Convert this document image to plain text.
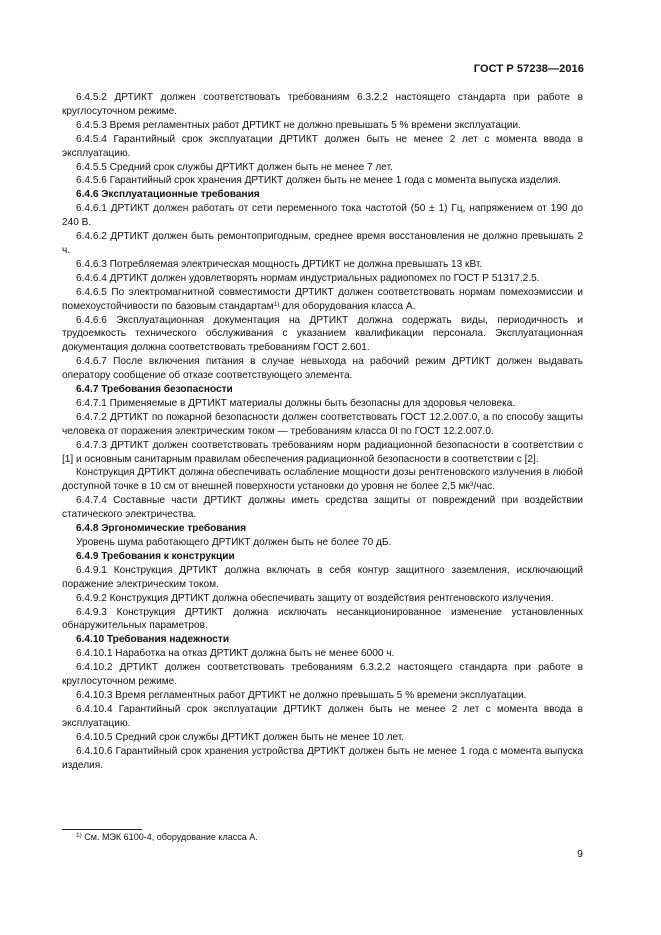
ГОСТ Р 57238—2016

6.4.5.2 ДРТИКТ должен соответствовать требованиям 6.3.2.2 настоящего стандарта при работе в круглосуточном режиме.

6.4.5.3 Время регламентных работ ДРТИКТ не должно превышать 5 % времени эксплуатации.

6.4.5.4 Гарантийный срок эксплуатации ДРТИКТ должен быть не менее 2 лет с момента ввода в эксплуатацию.

6.4.5.5 Средний срок службы ДРТИКТ должен быть не менее 7 лет.

6.4.5.6 Гарантийный срок хранения ДРТИКТ должен быть не менее 1 года с момента выпуска изделия.

6.4.6 Эксплуатационные требования

6.4.6.1 ДРТИКТ должен работать от сети переменного тока частотой (50 ± 1) Гц, напряжением от 190 до 240 В.

6.4.6.2 ДРТИКТ должен быть ремонтопригодным, среднее время восстановления не должно превышать 2 ч.

6.4.6.3 Потребляемая электрическая мощность ДРТИКТ не должна превышать 13 кВт.

6.4.6.4 ДРТИКТ должен удовлетворять нормам индустриальных радиопомех по ГОСТ Р 51317.2.5.

6.4.6.5 По электромагнитной совместимости ДРТИКТ должен соответствовать нормам помехоэмиссии и помехоустойчивости по базовым стандартам$^{1)}$ для оборудования класса А.

6.4.6.6 Эксплуатационная документация на ДРТИКТ должна содержать виды, периодичность и трудоемкость технического обслуживания с указанием квалификации персонала. Эксплуатационная документация должна соответствовать требованиям ГОСТ 2.601.

6.4.6.7 После включения питания в случае невыхода на рабочий режим ДРТИКТ должен выдавать оператору сообщение об отказе соответствующего элемента.

6.4.7 Требования безопасности

6.4.7.1 Применяемые в ДРТИКТ материалы должны быть безопасны для здоровья человека.

6.4.7.2 ДРТИКТ по пожарной безопасности должен соответствовать ГОСТ 12.2.007.0, а по способу защиты человека от поражения электрическим током — требованиям класса 0I по ГОСТ 12.2.007.0.

6.4.7.3 ДРТИКТ должен соответствовать требованиям норм радиационной безопасности в соответствии с [1] и основным санитарным правилам обеспечения радиационной безопасности в соответствии с [2].

Конструкция ДРТИКТ должна обеспечивать ослабление мощности дозы рентгеновского излучения в любой доступной точке в 10 см от внешней поверхности установки до уровня не более 2,5 $мк^3$/час.

6.4.7.4 Составные части ДРТИКТ должны иметь средства защиты от повреждений при воздействии статического электричества.

6.4.8 Эргономические требования

Уровень шума работающего ДРТИКТ должен быть не более 70 дБ.

6.4.9 Требования к конструкции

6.4.9.1 Конструкция ДРТИКТ должна включать в себя контур защитного заземления, исключающий поражение электрическим током.

6.4.9.2 Конструкция ДРТИКТ должна обеспечивать защиту от воздействия рентгеновского излучения.

6.4.9.3 Конструкция ДРТИКТ должна исключать несанкционированное изменение установленных обнаружительных параметров.

6.4.10 Требования надежности

6.4.10.1 Наработка на отказ ДРТИКТ должна быть не менее 6000 ч.

6.4.10.2 ДРТИКТ должен соответствовать требованиям 6.3.2.2 настоящего стандарта при работе в круглосуточном режиме.

6.4.10.3 Время регламентных работ ДРТИКТ не должно превышать 5 % времени эксплуатации.

6.4.10.4 Гарантийный срок эксплуатации ДРТИКТ должен быть не менее 2 лет с момента ввода в эксплуатацию.

6.4.10.5 Средний срок службы ДРТИКТ должен быть не менее 10 лет.

6.4.10.6 Гарантийный срок хранения устройства ДРТИКТ должен быть не менее 1 года с момента выпуска изделия.

$^{1)}$ См. МЭК 6100-4, оборудование класса А.
9
